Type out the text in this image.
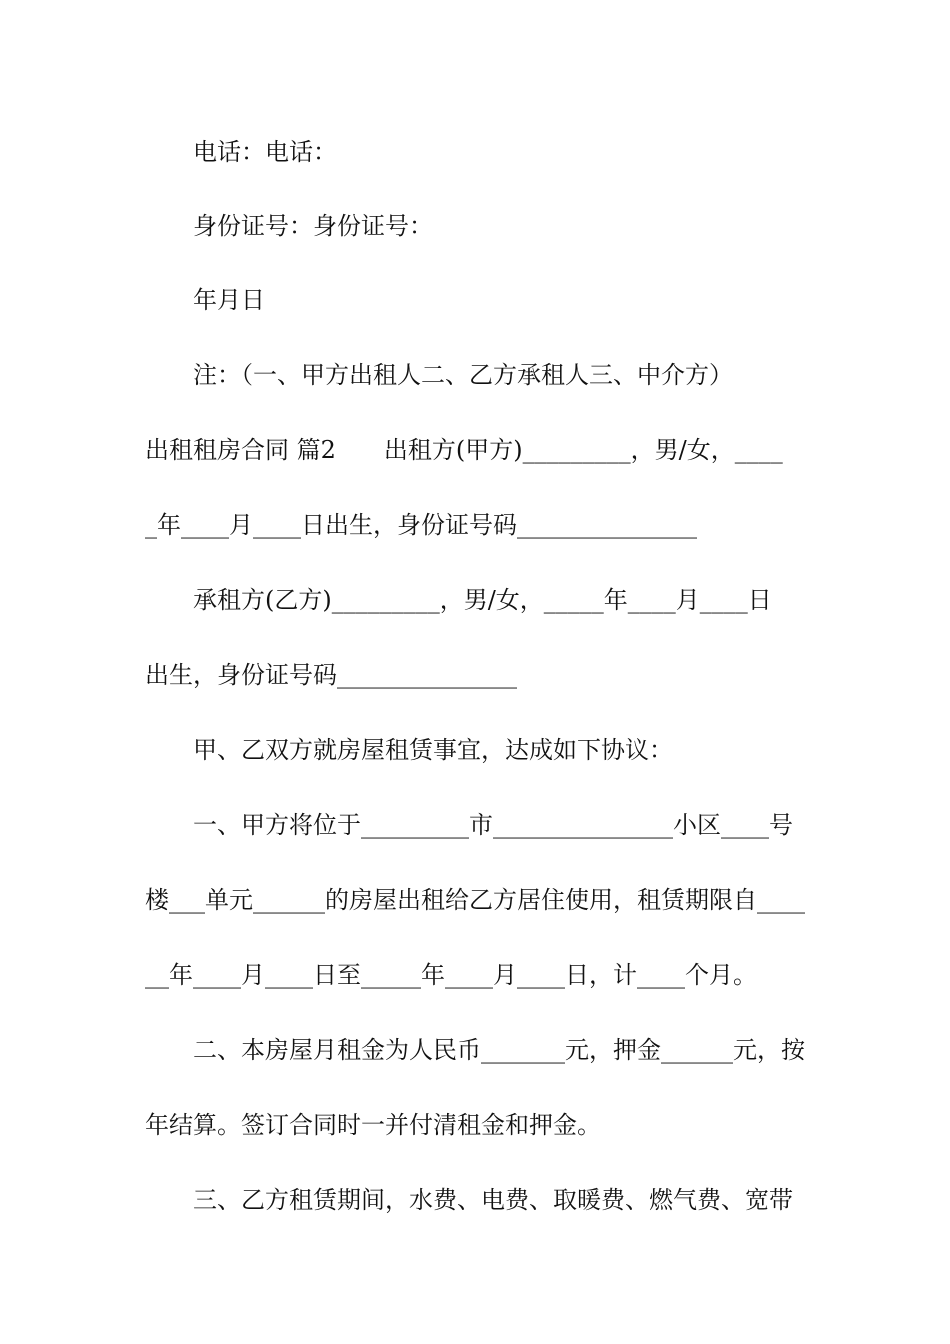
电话：电话：
身份证号：身份证号：
年月日
注：（一、甲方出租人二、乙方承租人三、中介方）
出租租房合同 篇2　　出租方(甲方)_________，男/女，____
_年____月____日出生，身份证号码_______________
承租方(乙方)_________，男/女，_____年____月____日
出生，身份证号码_______________
甲、乙双方就房屋租赁事宜，达成如下协议：
一、甲方将位于_________市_______________小区____号
楼___单元______的房屋出租给乙方居住使用，租赁期限自____
__年____月____日至_____年____月____日，计____个月。
二、本房屋月租金为人民币_______元，押金______元，按
年结算。签订合同时一并付清租金和押金。
三、乙方租赁期间，水费、电费、取暖费、燃气费、宽带
